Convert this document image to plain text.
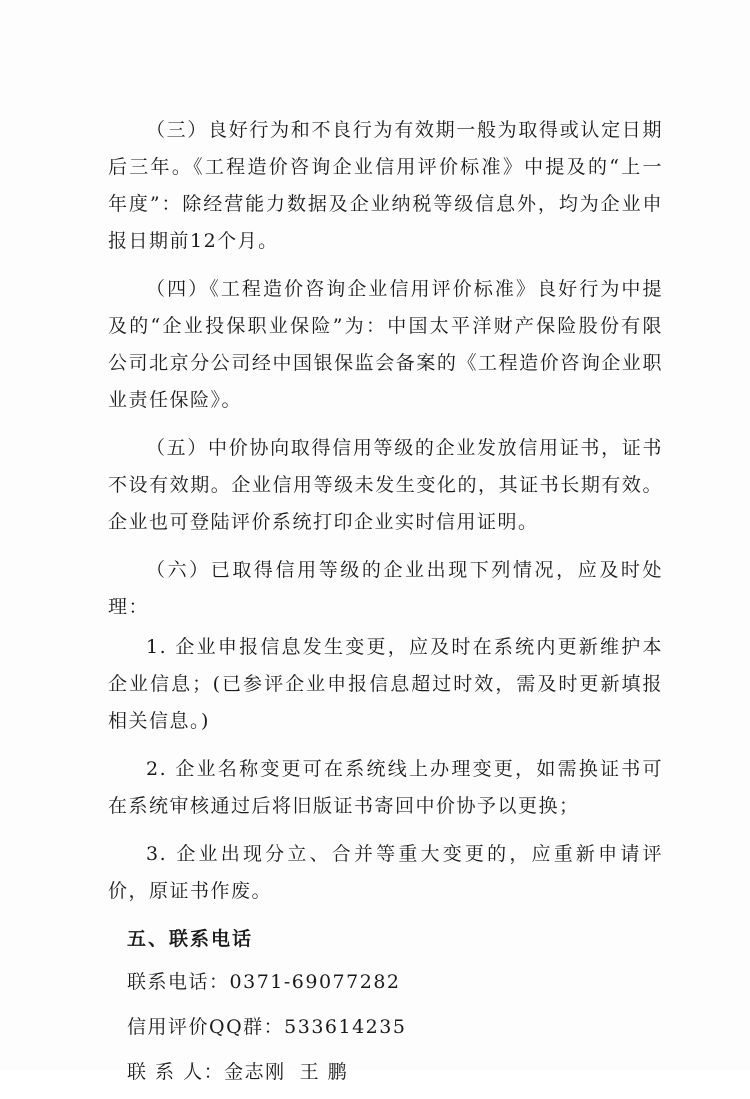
（三）良好行为和不良行为有效期一般为取得或认定日期后三年。《工程造价咨询企业信用评价标准》中提及的“上一年度”：除经营能力数据及企业纳税等级信息外，均为企业申报日期前12个月。

（四）《工程造价咨询企业信用评价标准》良好行为中提及的“企业投保职业保险”为：中国太平洋财产保险股份有限公司北京分公司经中国银保监会备案的《工程造价咨询企业职业责任保险》。

（五）中价协向取得信用等级的企业发放信用证书，证书不设有效期。企业信用等级未发生变化的，其证书长期有效。企业也可登陆评价系统打印企业实时信用证明。

（六）已取得信用等级的企业出现下列情况，应及时处理：

1. 企业申报信息发生变更，应及时在系统内更新维护本企业信息；(已参评企业申报信息超过时效，需及时更新填报相关信息。)

2. 企业名称变更可在系统线上办理变更，如需换证书可在系统审核通过后将旧版证书寄回中价协予以更换；

3. 企业出现分立、合并等重大变更的，应重新申请评价，原证书作废。

五、联系电话

联系电话：0371-69077282

信用评价QQ群：533614235

联 系 人：金志刚 王 鹏
